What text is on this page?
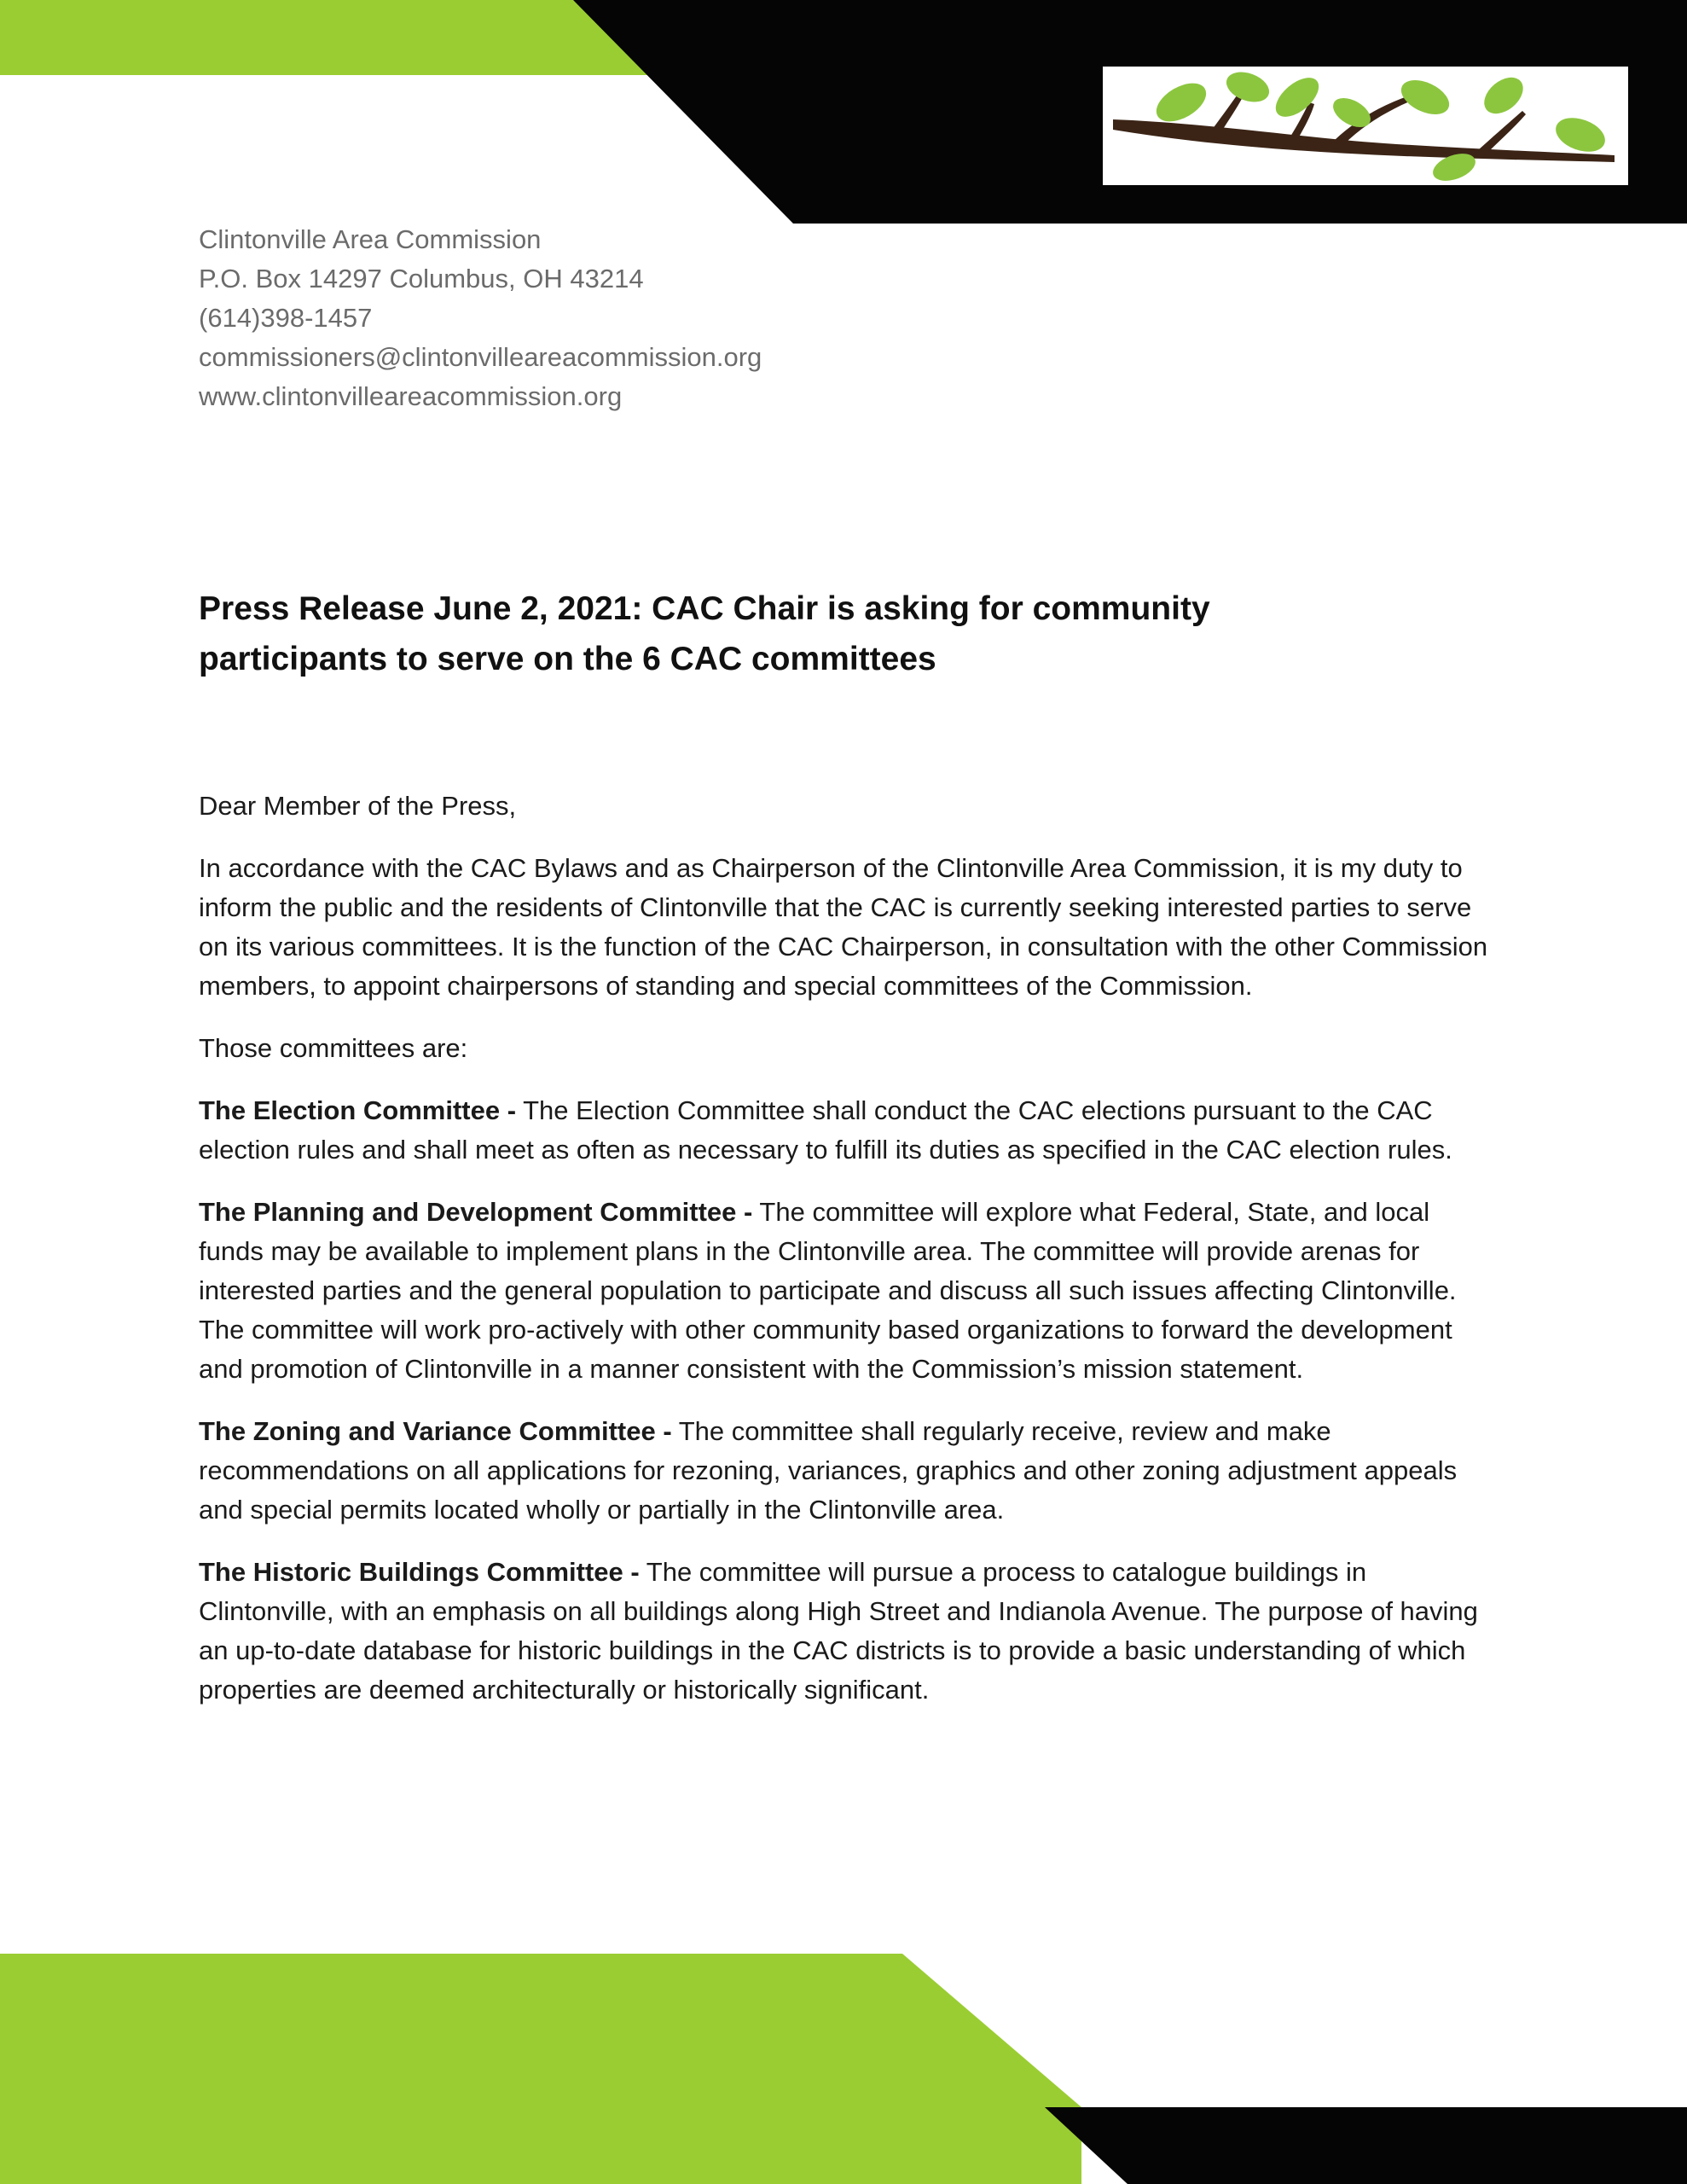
Clintonville Area Commission
P.O. Box 14297 Columbus, OH 43214
(614)398-1457
commissioners@clintonvilleareacommission.org
www.clintonvilleareacommission.org
Press Release June 2, 2021: CAC Chair is asking for community
participants to serve on the 6 CAC committees

Dear Member of the Press,

In accordance with the CAC Bylaws and as Chairperson of the Clintonville Area Commission, it is my duty to inform the public and the residents of Clintonville that the CAC is currently seeking interested parties to serve on its various committees. It is the function of the CAC Chairperson, in consultation with the other Commission members, to appoint chairpersons of standing and special committees of the Commission.

Those committees are:

The Election Committee - The Election Committee shall conduct the CAC elections pursuant to the CAC election rules and shall meet as often as necessary to fulfill its duties as specified in the CAC election rules.

The Planning and Development Committee - The committee will explore what Federal, State, and local funds may be available to implement plans in the Clintonville area. The committee will provide arenas for interested parties and the general population to participate and discuss all such issues affecting Clintonville. The committee will work pro-actively with other community based organizations to forward the development and promotion of Clintonville in a manner consistent with the Commission’s mission statement.

The Zoning and Variance Committee - The committee shall regularly receive, review and make recommendations on all applications for rezoning, variances, graphics and other zoning adjustment appeals and special permits located wholly or partially in the Clintonville area.

The Historic Buildings Committee - The committee will pursue a process to catalogue buildings in Clintonville, with an emphasis on all buildings along High Street and Indianola Avenue. The purpose of having an up-to-date database for historic buildings in the CAC districts is to provide a basic understanding of which properties are deemed architecturally or historically significant.
